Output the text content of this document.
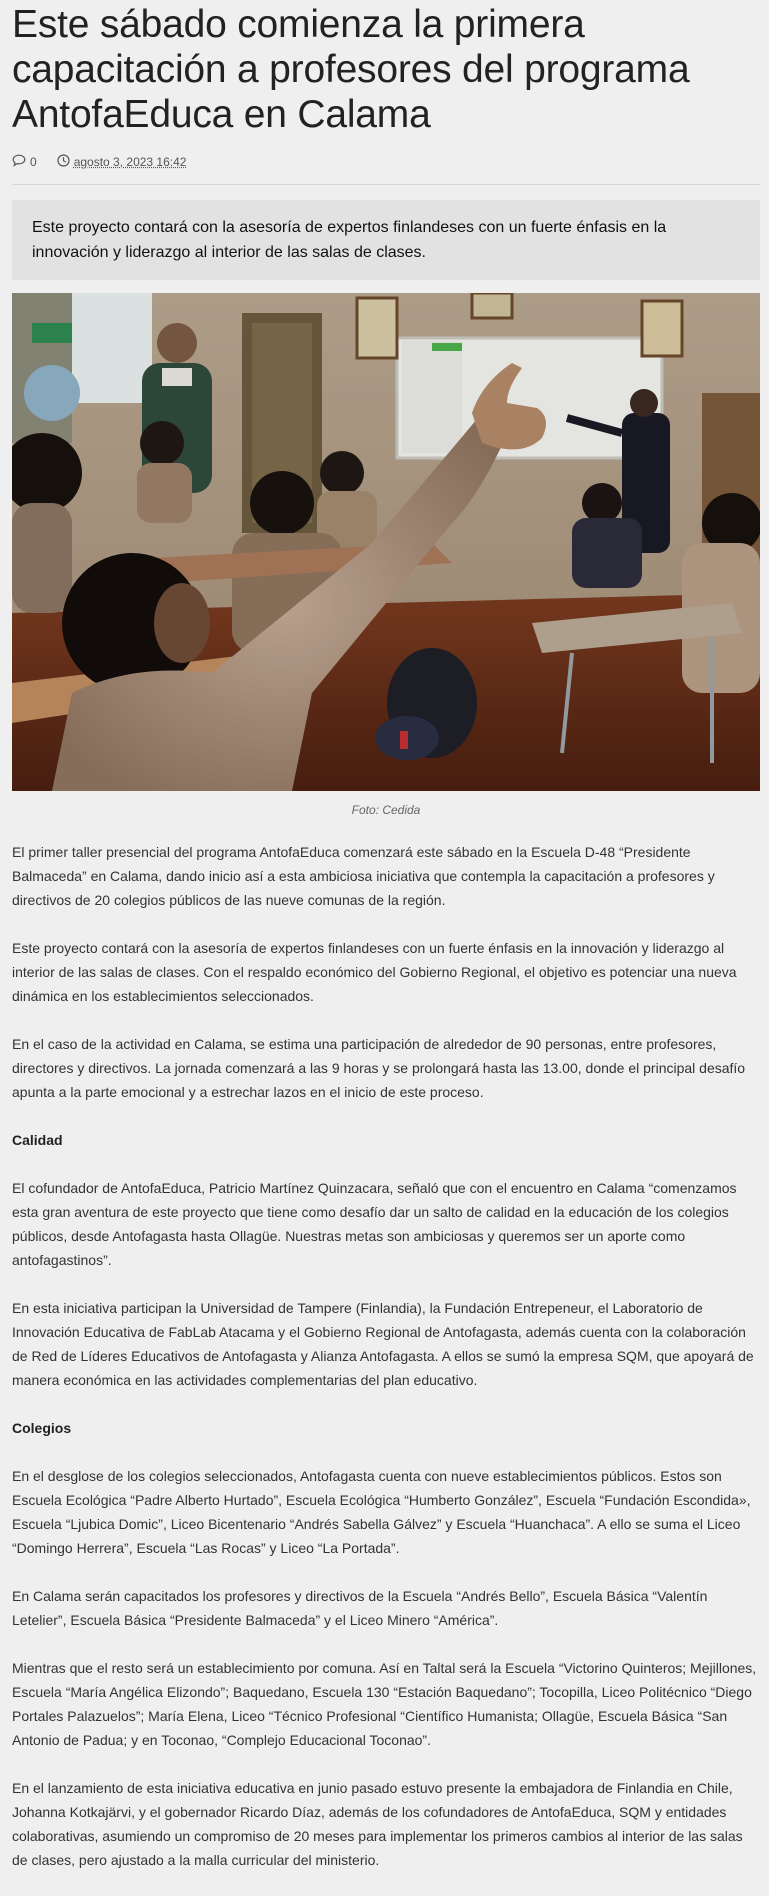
Este sábado comienza la primera capacitación a profesores del programa AntofaEduca en Calama
0	agosto 3, 2023 16:42
Este proyecto contará con la asesoría de expertos finlandeses con un fuerte énfasis en la innovación y liderazgo al interior de las salas de clases.
Foto: Cedida

El primer taller presencial del programa AntofaEduca comenzará este sábado en la Escuela D-48 “Presidente Balmaceda” en Calama, dando inicio así a esta ambiciosa iniciativa que contempla la capacitación a profesores y directivos de 20 colegios públicos de las nueve comunas de la región.

Este proyecto contará con la asesoría de expertos finlandeses con un fuerte énfasis en la innovación y liderazgo al interior de las salas de clases. Con el respaldo económico del Gobierno Regional, el objetivo es potenciar una nueva dinámica en los establecimientos seleccionados.

En el caso de la actividad en Calama, se estima una participación de alrededor de 90 personas, entre profesores, directores y directivos. La jornada comenzará a las 9 horas y se prolongará hasta las 13.00, donde el principal desafío apunta a la parte emocional y a estrechar lazos en el inicio de este proceso.

Calidad

El cofundador de AntofaEduca, Patricio Martínez Quinzacara, señaló que con el encuentro en Calama “comenzamos esta gran aventura de este proyecto que tiene como desafío dar un salto de calidad en la educación de los colegios públicos, desde Antofagasta hasta Ollagüe. Nuestras metas son ambiciosas y queremos ser un aporte como antofagastinos”.

En esta iniciativa participan la Universidad de Tampere (Finlandia), la Fundación Entrepeneur, el Laboratorio de Innovación Educativa de FabLab Atacama y el Gobierno Regional de Antofagasta, además cuenta con la colaboración de Red de Líderes Educativos de Antofagasta y Alianza Antofagasta. A ellos se sumó la empresa SQM, que apoyará de manera económica en las actividades complementarias del plan educativo.

Colegios

En el desglose de los colegios seleccionados, Antofagasta cuenta con nueve establecimientos públicos. Estos son Escuela Ecológica “Padre Alberto Hurtado”, Escuela Ecológica “Humberto González”, Escuela “Fundación Escondida», Escuela “Ljubica Domic”, Liceo Bicentenario “Andrés Sabella Gálvez” y Escuela “Huanchaca”. A ello se suma el Liceo “Domingo Herrera”, Escuela “Las Rocas” y Liceo “La Portada”.

En Calama serán capacitados los profesores y directivos de la Escuela “Andrés Bello”, Escuela Básica “Valentín Letelier”, Escuela Básica “Presidente Balmaceda” y el Liceo Minero “América”.

Mientras que el resto será un establecimiento por comuna. Así en Taltal será la Escuela “Victorino Quinteros; Mejillones, Escuela “María Angélica Elizondo”; Baquedano, Escuela 130 “Estación Baquedano”; Tocopilla, Liceo Politécnico “Diego Portales Palazuelos”; María Elena, Liceo “Técnico Profesional “Científico Humanista; Ollagüe, Escuela Básica “San Antonio de Padua; y en Toconao, “Complejo Educacional Toconao”.

En el lanzamiento de esta iniciativa educativa en junio pasado estuvo presente la embajadora de Finlandia en Chile, Johanna Kotkajärvi, y el gobernador Ricardo Díaz, además de los cofundadores de AntofaEduca, SQM y entidades colaborativas, asumiendo un compromiso de 20 meses para implementar los primeros cambios al interior de las salas de clases, pero ajustado a la malla curricular del ministerio.
